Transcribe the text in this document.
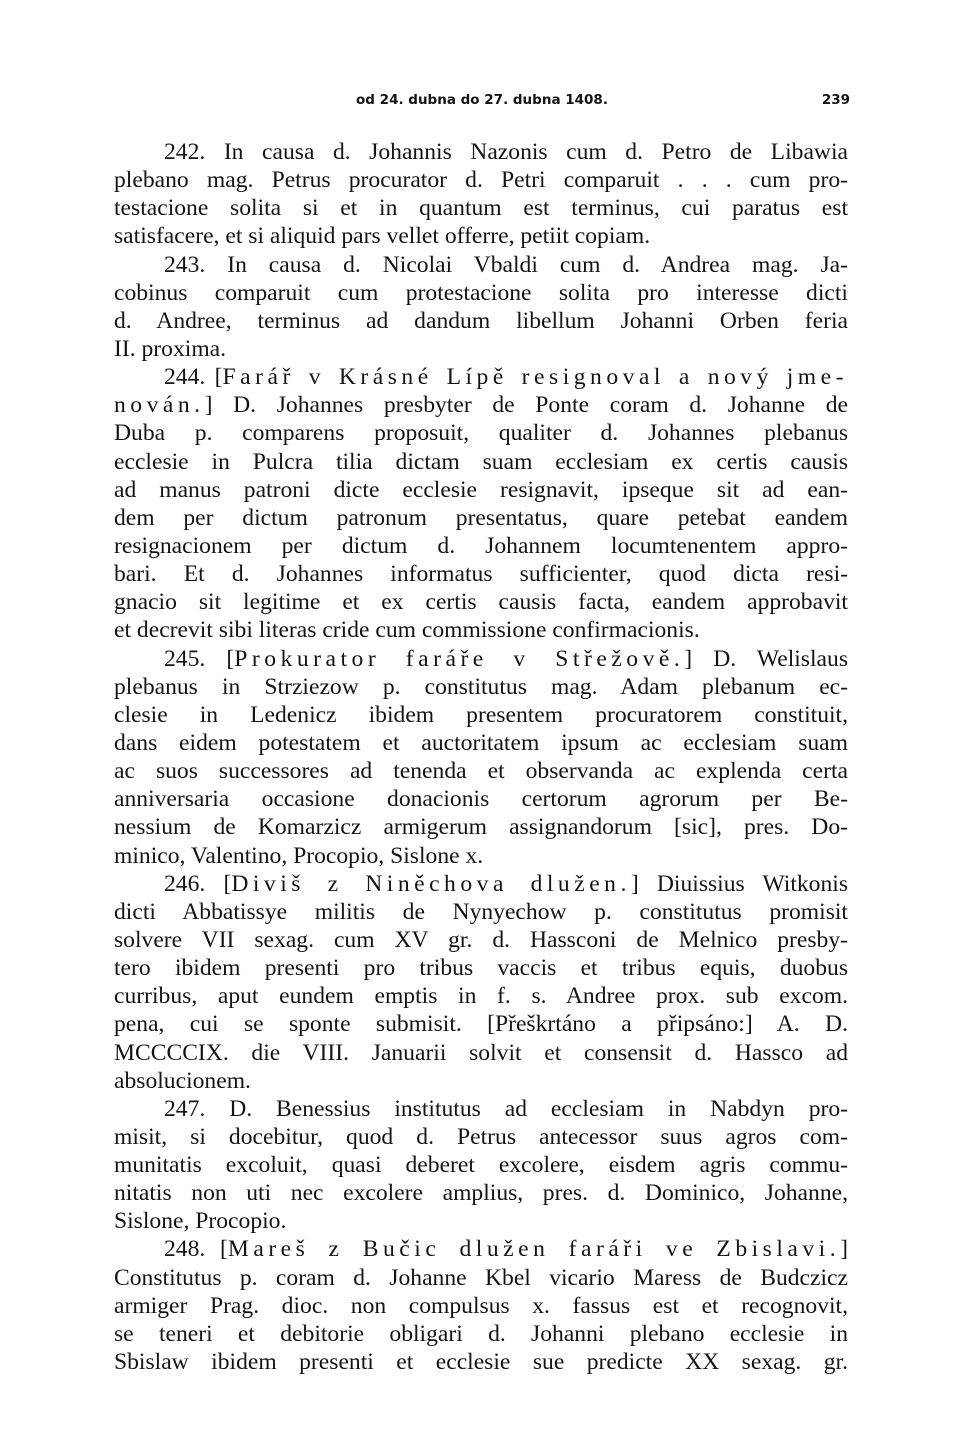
od 24. dubna do 27. dubna 1408.	239
242. In causa d. Johannis Nazonis cum d. Petro de Libawia
plebano mag. Petrus procurator d. Petri comparuit . . . cum pro-
testacione solita si et in quantum est terminus, cui paratus est
satisfacere, et si aliquid pars vellet offerre, petiit copiam.
243. In causa d. Nicolai Vbaldi cum d. Andrea mag. Ja-
cobinus comparuit cum protestacione solita pro interesse dicti
d. Andree, terminus ad dandum libellum Johanni Orben feria
II. proxima.
244. [Farář v Krásné Lípě resignoval a nový jme-
nován.] D. Johannes presbyter de Ponte coram d. Johanne de
Duba p. comparens proposuit, qualiter d. Johannes plebanus
ecclesie in Pulcra tilia dictam suam ecclesiam ex certis causis
ad manus patroni dicte ecclesie resignavit, ipseque sit ad ean-
dem per dictum patronum presentatus, quare petebat eandem
resignacionem per dictum d. Johannem locumtenentem appro-
bari. Et d. Johannes informatus sufficienter, quod dicta resi-
gnacio sit legitime et ex certis causis facta, eandem approbavit
et decrevit sibi literas cride cum commissione confirmacionis.
245. [Prokurator faráře v Střežově.] D. Welislaus
plebanus in Strziezow p. constitutus mag. Adam plebanum ec-
clesie in Ledenicz ibidem presentem procuratorem constituit,
dans eidem potestatem et auctoritatem ipsum ac ecclesiam suam
ac suos successores ad tenenda et observanda ac explenda certa
anniversaria occasione donacionis certorum agrorum per Be-
nessium de Komarzicz armigerum assignandorum [sic], pres. Do-
minico, Valentino, Procopio, Sislone x.
246. [Diviš z Niněchova dlužen.] Diuissius Witkonis
dicti Abbatissye militis de Nynyechow p. constitutus promisit
solvere VII sexag. cum XV gr. d. Hassconi de Melnico presby-
tero ibidem presenti pro tribus vaccis et tribus equis, duobus
curribus, aput eundem emptis in f. s. Andree prox. sub excom.
pena, cui se sponte submisit. [Přeškrtáno a připsáno:] A. D.
MCCCCIX. die VIII. Januarii solvit et consensit d. Hassco ad
absolucionem.
247. D. Benessius institutus ad ecclesiam in Nabdyn pro-
misit, si docebitur, quod d. Petrus antecessor suus agros com-
munitatis excoluit, quasi deberet excolere, eisdem agris commu-
nitatis non uti nec excolere amplius, pres. d. Dominico, Johanne,
Sislone, Procopio.
248. [Mareš z Bučic dlužen faráři ve Zbislavi.]
Constitutus p. coram d. Johanne Kbel vicario Maress de Budczicz
armiger Prag. dioc. non compulsus x. fassus est et recognovit,
se teneri et debitorie obligari d. Johanni plebano ecclesie in
Sbislaw ibidem presenti et ecclesie sue predicte XX sexag. gr.
